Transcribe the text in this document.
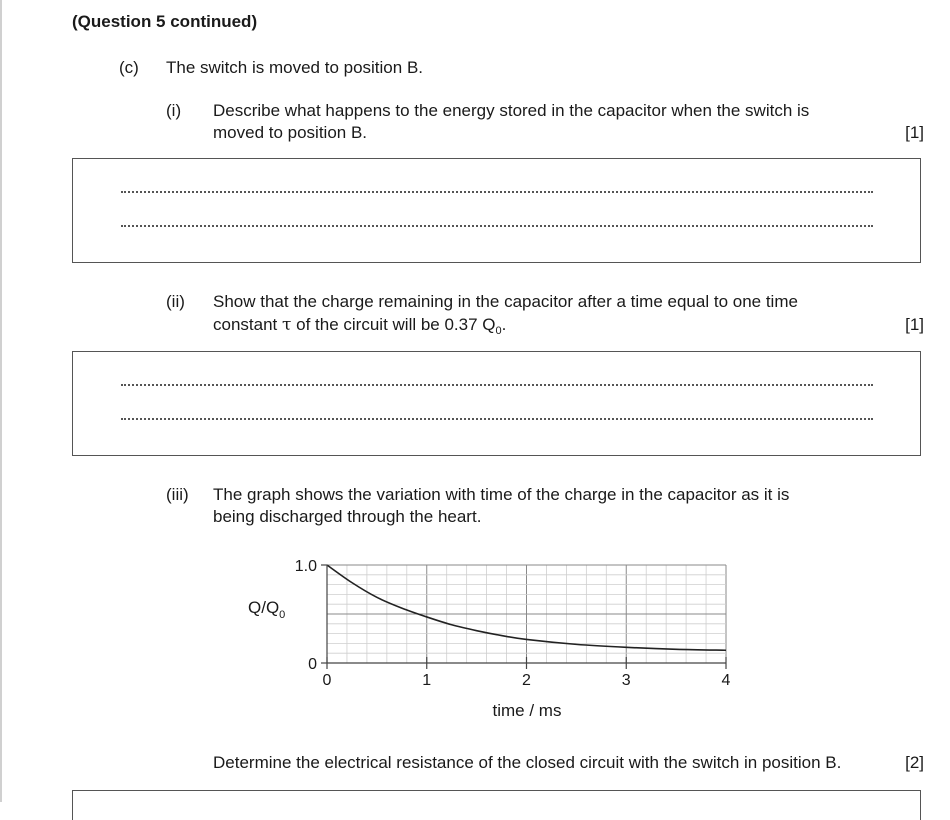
(Question 5 continued)
(c) The switch is moved to position B.
(i) Describe what happens to the energy stored in the capacitor when the switch is
moved to position B.	[1]
(ii) Show that the charge remaining in the capacitor after a time equal to one time
constant τ of the circuit will be 0.37 $Q_0$.	[1]
(iii) The graph shows the variation with time of the charge in the capacitor as it is
being discharged through the heart.
0	1	2	3	4
0
1.0
$Q/Q_0$
time / ms
Determine the electrical resistance of the closed circuit with the switch in position B.	[2]
